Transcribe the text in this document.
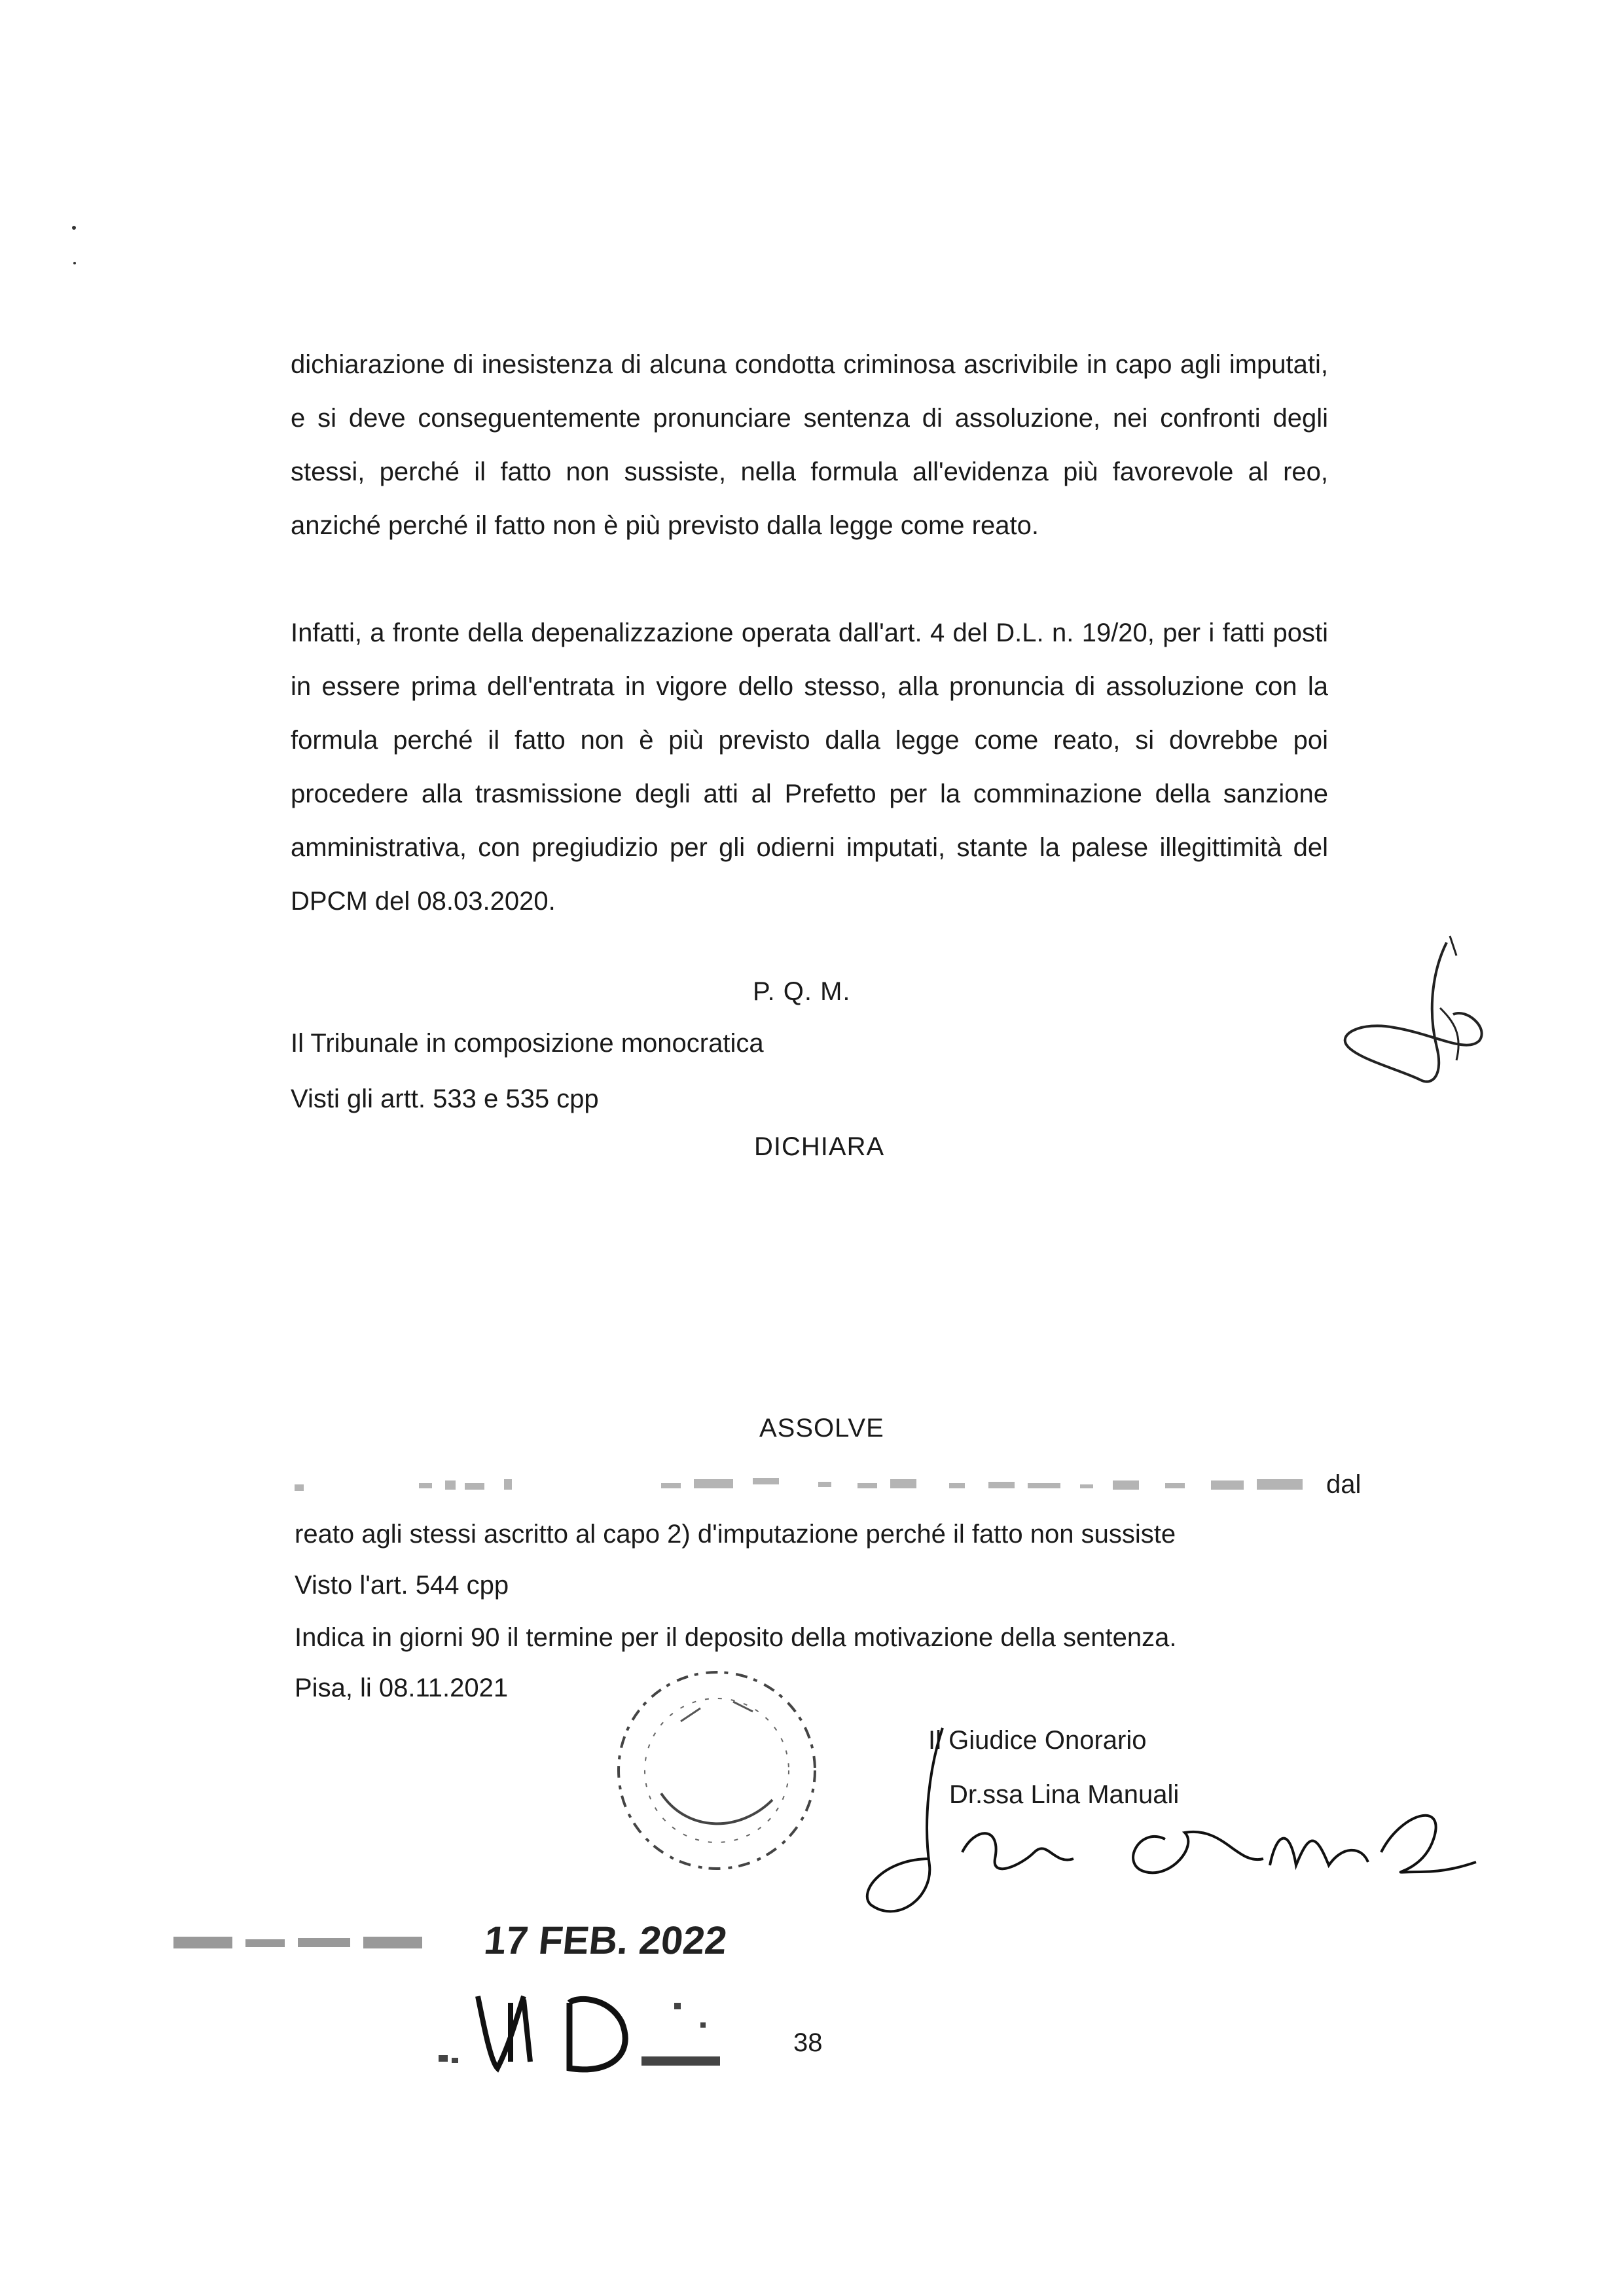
dichiarazione di inesistenza di alcuna condotta criminosa ascrivibile in capo agli imputati, e si deve conseguentemente pronunciare sentenza di assoluzione, nei confronti degli stessi, perché il fatto non sussiste, nella formula all'evidenza più favorevole al reo, anziché perché il fatto non è più previsto dalla legge come reato.
Infatti, a fronte della depenalizzazione operata dall'art. 4 del D.L. n. 19/20, per i fatti posti in essere prima dell'entrata in vigore dello stesso, alla pronuncia di assoluzione con la formula perché il fatto non è più previsto dalla legge come reato, si dovrebbe poi procedere alla trasmissione degli atti al Prefetto per la comminazione della sanzione amministrativa, con pregiudizio per gli odierni imputati, stante la palese illegittimità del DPCM del 08.03.2020.
P. Q. M.
Il Tribunale in composizione monocratica
Visti gli artt. 533 e 535 cpp
DICHIARA
ASSOLVE
dal
reato agli stessi ascritto al capo 2) d'imputazione perché il fatto non sussiste
Visto l'art. 544 cpp
Indica in giorni 90 il termine per il deposito della motivazione della sentenza.
Pisa, li 08.11.2021
Il Giudice Onorario
Dr.ssa Lina Manuali
17 FEB. 2022
38
